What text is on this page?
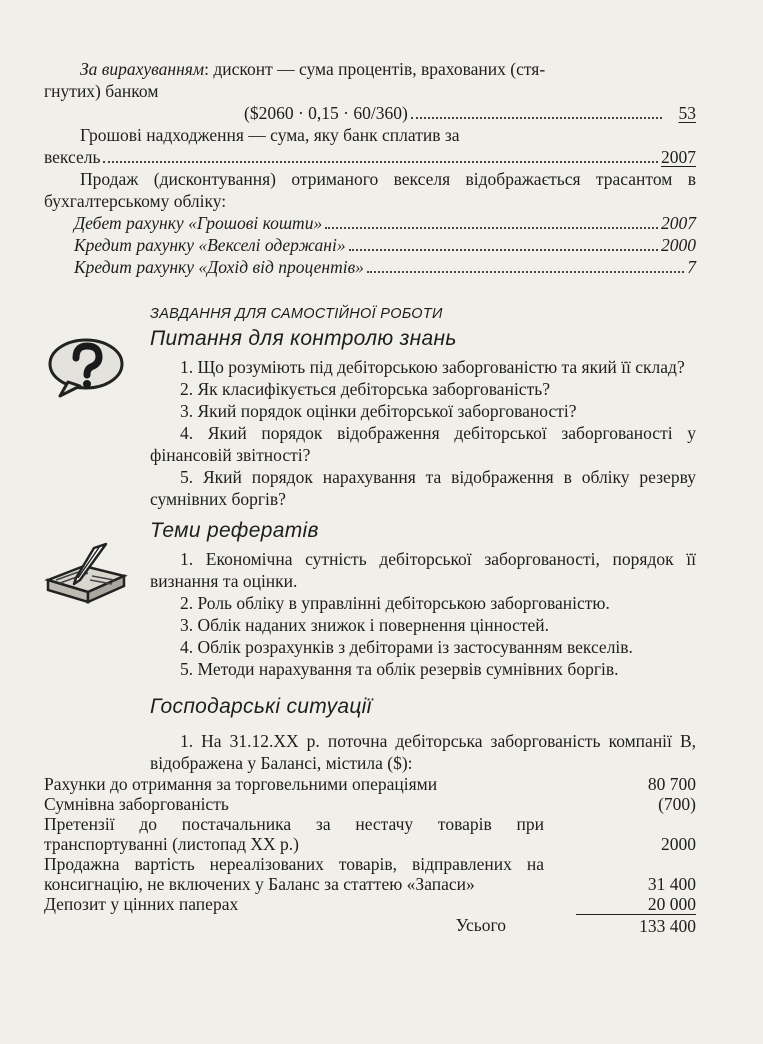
За вирахуванням: дисконт — сума процентів, врахованих (стя-

гнутих) банком

($2060 · 0,15 · 60/360)	53

Грошові надходження — сума, яку банк сплатив за

вексель	2007

Продаж (дисконтування) отриманого векселя відображається трасантом в бухгалтерському обліку:

Дебет рахунку «Грошові кошти»	2007
Кредит рахунку «Векселі одержані»	2000
Кредит рахунку «Дохід від процентів»	7
ЗАВДАННЯ ДЛЯ САМОСТІЙНОЇ РОБОТИ
Питання для контролю знань

1. Що розуміють під дебіторською заборгованістю та який її склад?

2. Як класифікується дебіторська заборгованість?

3. Який порядок оцінки дебіторської заборгованості?

4. Який порядок відображення дебіторської заборгованості у фінансовій звітності?

5. Який порядок нарахування та відображення в обліку резерву сумнівних боргів?

Теми рефератів

1. Економічна сутність дебіторської заборгованості, порядок її визнання та оцінки.

2. Роль обліку в управлінні дебіторською заборгованістю.

3. Облік наданих знижок і повернення цінностей.

4. Облік розрахунків з дебіторами із застосуванням векселів.

5. Методи нарахування та облік резервів сумнівних боргів.

Господарські ситуації

1. На 31.12.XX р. поточна дебіторська заборгованість компанії В, відображена у Балансі, містила ($):

Рахунки до отримання за торговельними операціями	80 700
Сумнівна заборгованість	(700)
Претензії до постачальника за нестачу товарів при транспортуванні (листопад XX р.)	2000
Продажна вартість нереалізованих товарів, відправлених на консигнацію, не включених у Баланс за статтею «Запаси»	31 400
Депозит у цінних паперах	20 000
Усього	133 400
